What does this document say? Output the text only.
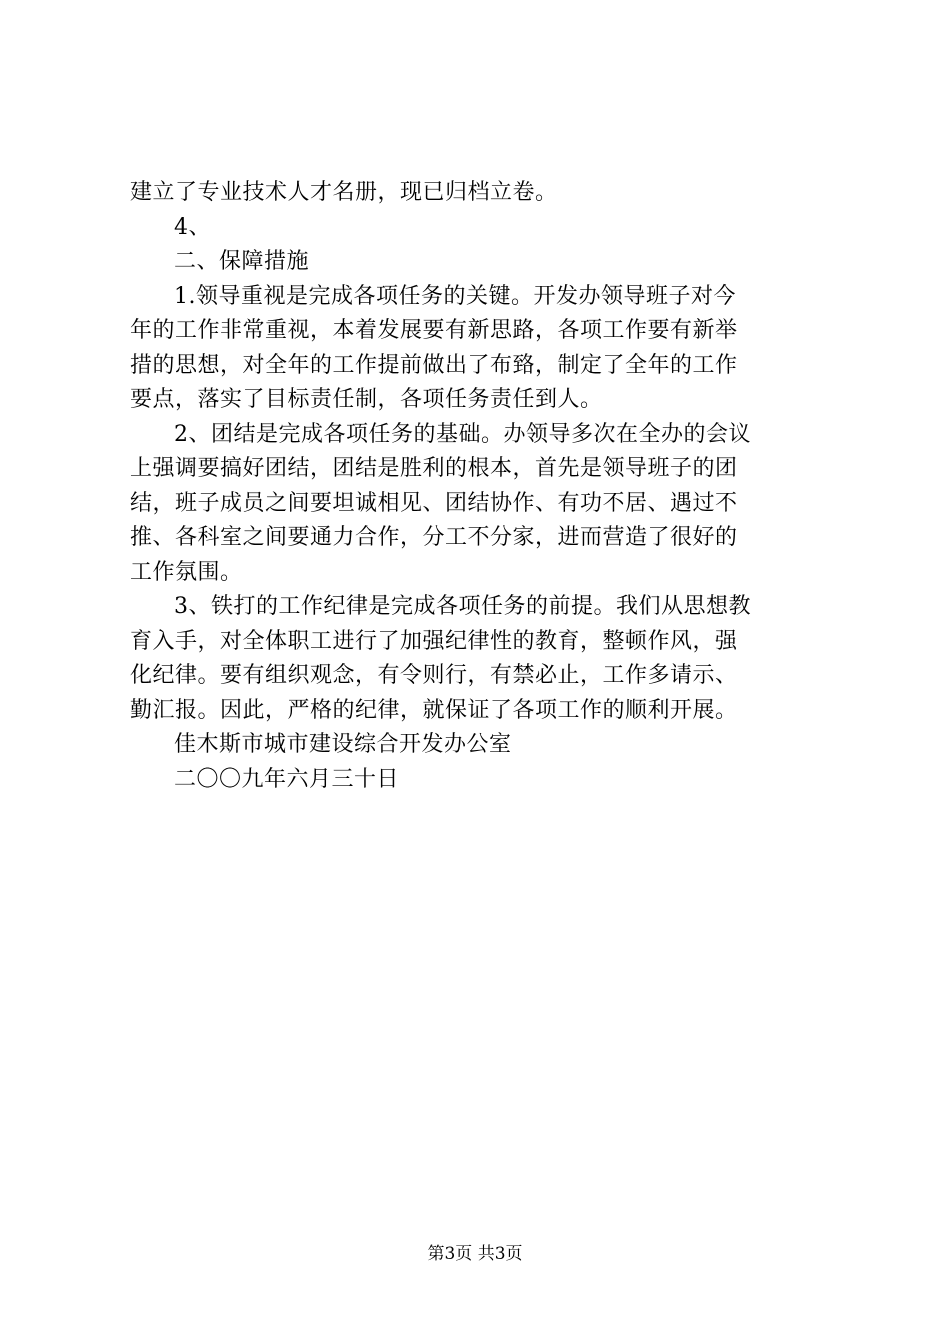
建立了专业技术人才名册，现已归档立卷。
4、
二、保障措施
1.领导重视是完成各项任务的关键。开发办领导班子对今
年的工作非常重视，本着发展要有新思路，各项工作要有新举
措的思想，对全年的工作提前做出了布臵，制定了全年的工作
要点，落实了目标责任制，各项任务责任到人。
2、团结是完成各项任务的基础。办领导多次在全办的会议
上强调要搞好团结，团结是胜利的根本，首先是领导班子的团
结，班子成员之间要坦诚相见、团结协作、有功不居、遇过不
推、各科室之间要通力合作，分工不分家，进而营造了很好的
工作氛围。
3、铁打的工作纪律是完成各项任务的前提。我们从思想教
育入手，对全体职工进行了加强纪律性的教育，整顿作风，强
化纪律。要有组织观念，有令则行，有禁必止，工作多请示、
勤汇报。因此，严格的纪律，就保证了各项工作的顺利开展。
佳木斯市城市建设综合开发办公室
二〇〇九年六月三十日
第3页 共3页
